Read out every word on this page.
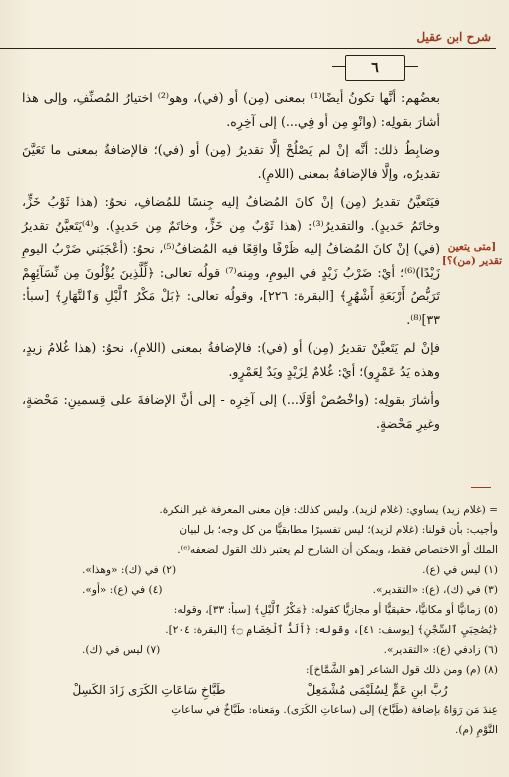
شرح ابن عقيل
٦
[متى يتعين تقدير (من)؟]

بعضُهم: أنَّها تكونُ أيضًا⁽¹⁾ بمعنى (مِن) أو (في)، وهو⁽²⁾ اختيارُ المُصنِّفِ، وإلى هذا أشارَ بقولِه: (وانْوِ مِن أو فِي...) إلى آخِرِه.

وضابِطُ ذلك: أنَّه إنْ لم يَصْلُحْ إلَّا تقديرُ (مِن) أو (في)؛ فالإضافةُ بمعنى ما تَعَيَّنَ تقديرُه، وإلَّا فالإضافةُ بمعنى (اللامِ).

فيَتَعيَّنُ تقديرُ (مِن) إنْ كانَ المُضافُ إليه جِنسًا للمُضافِ، نحوُ: (هذا ثَوْبُ خَزٍّ، وخاتَمُ حَديدٍ). والتقديرُ⁽³⁾: (هذا ثَوْبٌ مِن خَزٍّ، وخاتَمٌ مِن حَديدٍ). و⁽⁴⁾يَتَعيَّنُ تقديرُ (في) إنْ كانَ المُضافُ إليه ظَرْفًا واقِعًا فيه المُضافُ⁽⁵⁾، نحوُ: (أعْجَبَني ضَرْبُ اليومِ زَيْدًا)⁽⁶⁾؛ أيْ: ضَرْبُ زَيْدٍ في اليومِ، ومِنه⁽⁷⁾ قولُه تعالى: ﴿لِّلَّذِينَ يُؤْلُونَ مِن نِّسَآئِهِمْ تَرَبُّصُ أَرْبَعَةِ أَشْهُرٍ﴾ [البقرة: ٢٢٦]، وقولُه تعالى: ﴿بَلْ مَكْرُ ٱلَّيْلِ وَٱلنَّهَارِ﴾ [سبأ: ٣٣]⁽⁸⁾.

فإنْ لم يَتَعيَّنْ تقديرُ (مِن) أو (في): فالإضافةُ بمعنى (اللامِ)، نحوُ: (هذا غُلامُ زيدٍ، وهذه يَدُ عَمْرٍو)؛ أيْ: غُلامٌ لِزَيْدٍ ويَدٌ لِعَمْرٍو.

وأشارَ بقولِه: (واخْصُصْ أوَّلَا...) إلى آخِرِه - إلى أنَّ الإضافةَ على قِسمينِ: مَحْضةٍ، وغيرِ مَحْضةٍ.

= (غلام زيد) يساوي: (غلام لزيد). وليس كذلك: فإن معنى المعرفة غير النكرة.
وأجيب: بأن قولنا: (غلام لزيد)؛ ليس تفسيرًا مطابقيًّا من كل وجه؛ بل لبيان
الملك أو الاختصاص فقط، ويمكن أن الشارح لم يعتبر ذلك القول لضعفه⁽ᵉ⁾.
(١) ليس في (ع).
(٢) في (ك): «وهذا».
(٣) في (ك)، (ع): «التقدير».
(٤) في (ع): «أو».
(٥) زمانيًّا أو مكانيًّا، حقيقيًّا أو مجازيًّا كقوله: ﴿مَكْرُ ٱلَّيْلِ﴾ [سبأ: ٣٣]، وقوله:
﴿يَٰصَٰحِبَيِ ٱلسِّجْنِ﴾ [يوسف: ٤١]، وقوله: ﴿أَلَدُّ ٱلْخِصَامِ ۝﴾ [البقرة: ٢٠٤].
(٦) زادفي (ع): «التقدير».
(٧) ليس في (ك).
(٨) (م) ومن ذلك قول الشاعر [هو الشَّمَّاخ]:
رُبَّ ابنِ عَمٍّ لِسُلَيْمَى مُشْمَعِلْ
طَبَّاخِ سَاعَاتِ الكَرَى زَادَ الكَسِلْ
عِندَ مَن رَوَاهُ بإضافة (طَبَّاخ) إلى (ساعاتِ الكَرَى). ومَعناه: طَبَّاخٌ في ساعاتِ
النَّوْمِ (م).
